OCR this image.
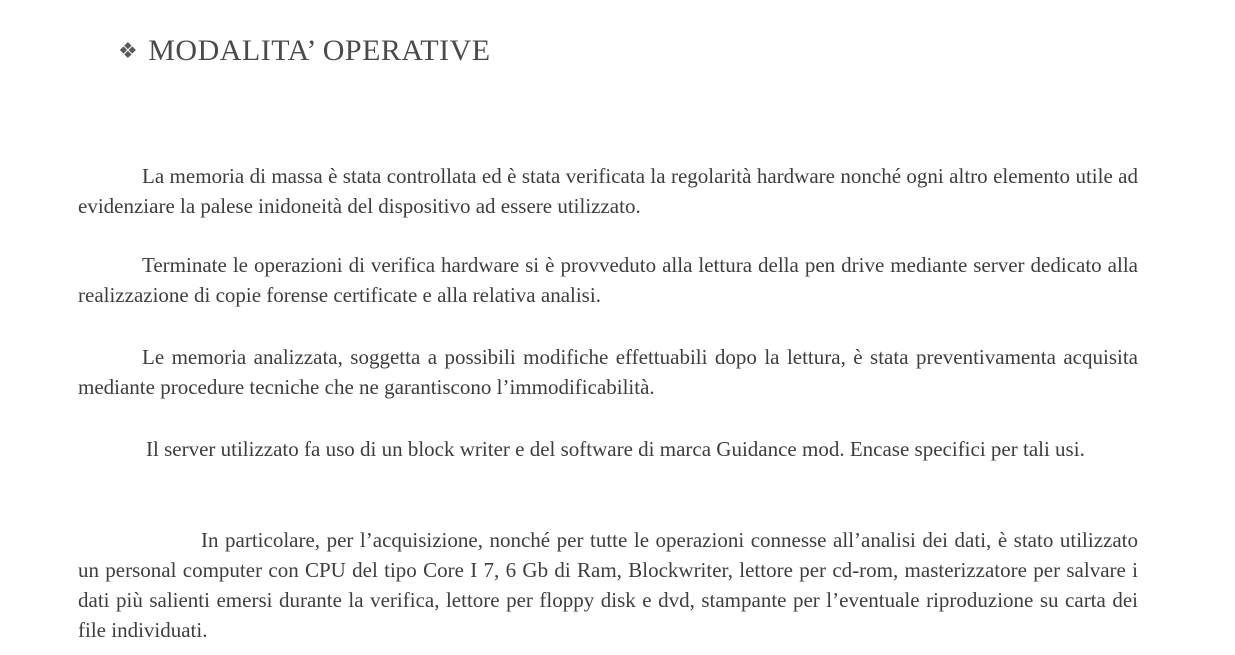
❖ MODALITA’ OPERATIVE

La memoria di massa è stata controllata ed è stata verificata la regolarità hardware nonché ogni altro elemento utile ad evidenziare la palese inidoneità del dispositivo ad essere utilizzato.

Terminate le operazioni di verifica hardware si è provveduto alla lettura della pen drive mediante server dedicato alla realizzazione di copie forense certificate e alla relativa analisi.

Le memoria analizzata, soggetta a possibili modifiche effettuabili dopo la lettura, è stata preventivamenta acquisita mediante procedure tecniche che ne garantiscono l’immodificabilità.

Il server utilizzato fa uso di un block writer e del software di marca Guidance mod. Encase specifici per tali usi.

In particolare, per l’acquisizione, nonché per tutte le operazioni connesse all’analisi dei dati, è stato utilizzato un personal computer con CPU del tipo Core I 7, 6 Gb di Ram, Blockwriter, lettore per cd-rom, masterizzatore per salvare i dati più salienti emersi durante la verifica, lettore per floppy disk e dvd, stampante per l’eventuale riproduzione su carta dei file individuati.
